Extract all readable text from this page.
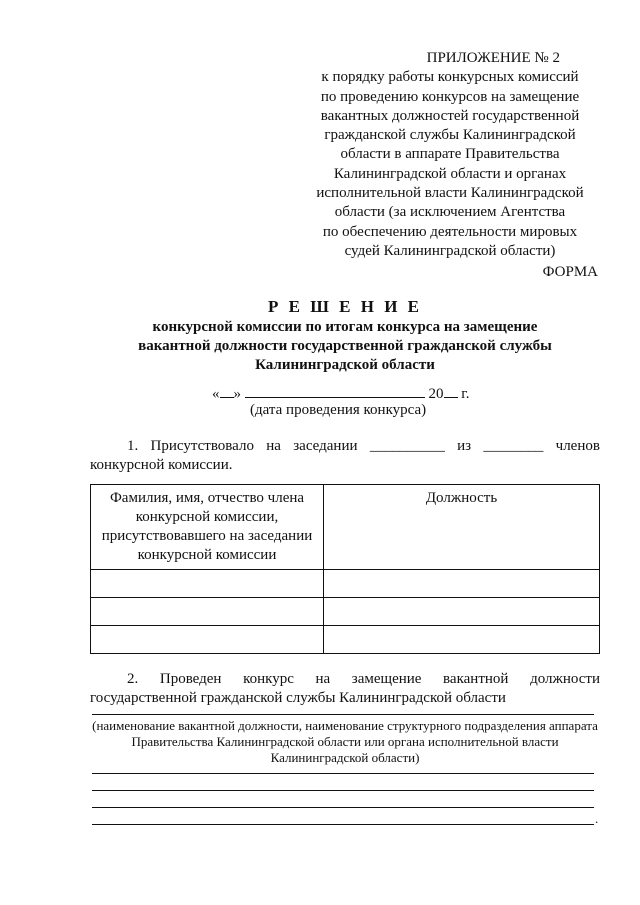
ПРИЛОЖЕНИЕ № 2
к порядку работы конкурсных комиссий
по проведению конкурсов на замещение
вакантных должностей государственной
гражданской службы Калининградской
области в аппарате Правительства
Калининградской области и органах
исполнительной власти Калининградской
области (за исключением Агентства
по обеспечению деятельности мировых
судей Калининградской области)
ФОРМА
Р Е Ш Е Н И Е
конкурсной комиссии по итогам конкурса на замещение
вакантной должности государственной гражданской службы
Калининградской области
« »	20 г.
(дата проведения конкурса)
1. Присутствовало на заседании __________ из ________ членов
конкурсной комиссии.
Фамилия, имя, отчество члена конкурсной комиссии, присутствовавшего на заседании конкурсной комиссии	Должность

2. Проведен конкурс на замещение вакантной должности
государственной гражданской службы Калининградской области
(наименование вакантной должности, наименование структурного подразделения аппарата Правительства Калининградской области или органа исполнительной власти Калининградской области)
.
